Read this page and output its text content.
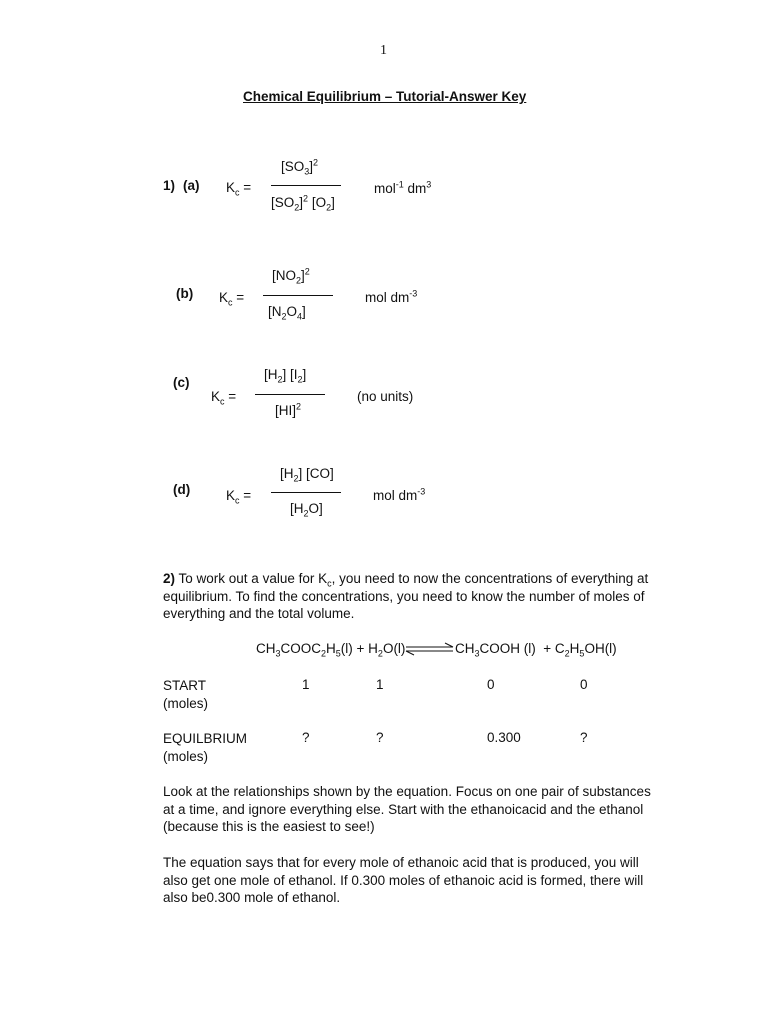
1
Chemical Equilibrium – Tutorial-Answer Key
1) (a) $K_c$ =
$[SO_3]^2$
$[SO_2]^2$ $[O_2]$
mol$^{-1}$ $dm^3$
(b) $K_c$ =
$[NO_2]^2$
$[N_2O_4]$
mol $dm^{-3}$
(c)
$K_c$ =
$[H_2]$ $[I_2]$
[HI]$^2$
(no units)
(d)	$K_c$ =
$[H_2]$ [CO]
$[H_2O]$
mol $dm^{-3}$
2) To work out a value for $K_c$, you need to now the concentrations of everything at equilibrium. To find the concentrations, you need to know the number of moles of everything and the total volume.
$CH_3COOC_2H_5(l) + H_2O(l)$ ⇌ $CH_3COOH$ $(l) + C_2H_5OH(l)$
START
(moles)
1	1	0	0
EQUILBRIUM
(moles)
?	?	0.300	?
Look at the relationships shown by the equation. Focus on one pair of substances at a time, and ignore everything else. Start with the ethanoicacid and the ethanol (because this is the easiest to see!)
The equation says that for every mole of ethanoic acid that is produced, you will also get one mole of ethanol. If 0.300 moles of ethanoic acid is formed, there will also be0.300 mole of ethanol.
